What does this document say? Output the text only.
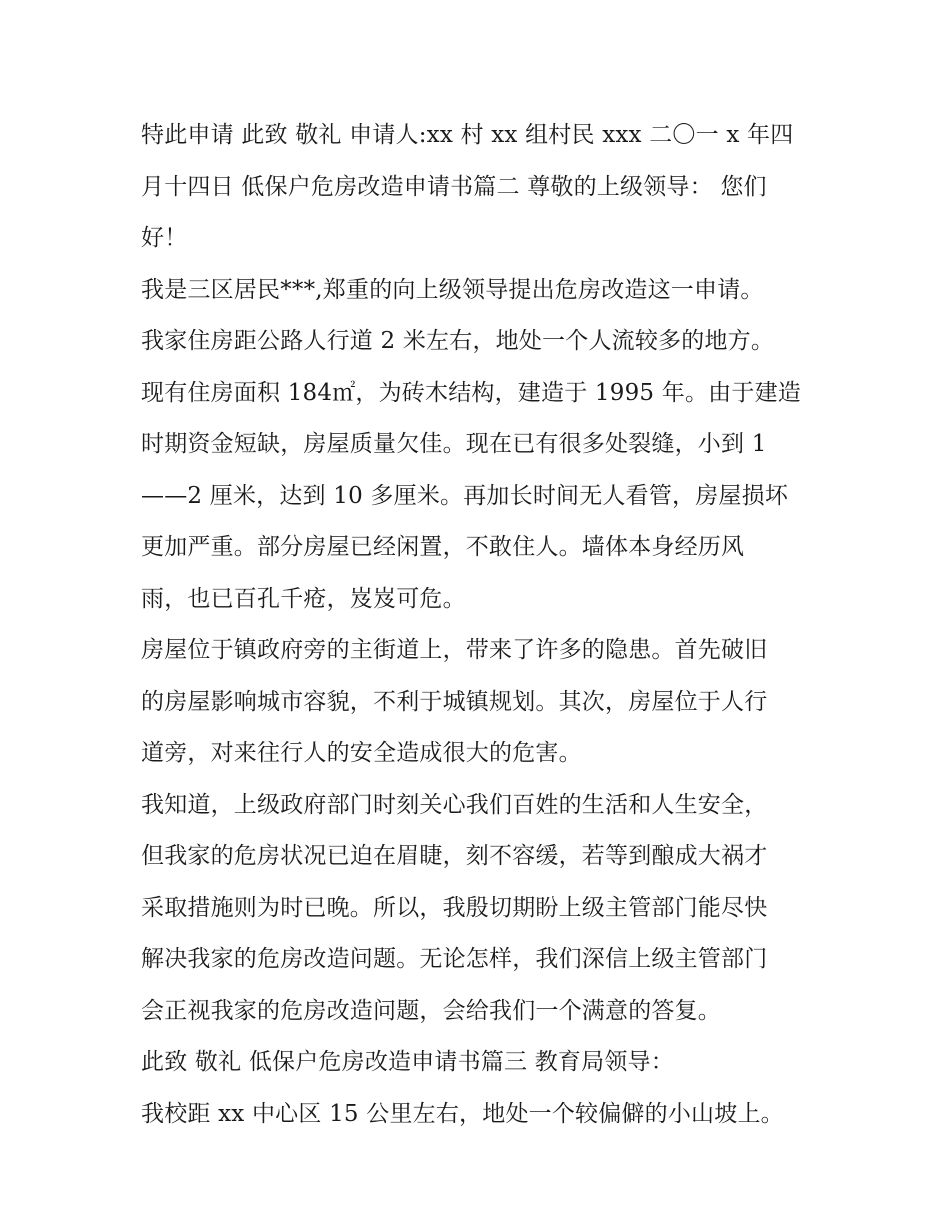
特此申请 此致 敬礼 申请人:xx 村 xx 组村民 xxx 二〇一 x 年四
月十四日 低保户危房改造申请书篇二 尊敬的上级领导： 您们
好！
我是三区居民***,郑重的向上级领导提出危房改造这一申请。
我家住房距公路人行道 2 米左右，地处一个人流较多的地方。
现有住房面积 184㎡，为砖木结构，建造于 1995 年。由于建造
时期资金短缺，房屋质量欠佳。现在已有很多处裂缝，小到 1
——2 厘米，达到 10 多厘米。再加长时间无人看管，房屋损坏
更加严重。部分房屋已经闲置，不敢住人。墙体本身经历风
雨，也已百孔千疮，岌岌可危。
房屋位于镇政府旁的主街道上，带来了许多的隐患。首先破旧
的房屋影响城市容貌，不利于城镇规划。其次，房屋位于人行
道旁，对来往行人的安全造成很大的危害。
我知道，上级政府部门时刻关心我们百姓的生活和人生安全，
但我家的危房状况已迫在眉睫，刻不容缓，若等到酿成大祸才
采取措施则为时已晚。所以，我殷切期盼上级主管部门能尽快
解决我家的危房改造问题。无论怎样，我们深信上级主管部门
会正视我家的危房改造问题，会给我们一个满意的答复。
此致 敬礼 低保户危房改造申请书篇三 教育局领导：
我校距 xx 中心区 15 公里左右，地处一个较偏僻的小山坡上。
